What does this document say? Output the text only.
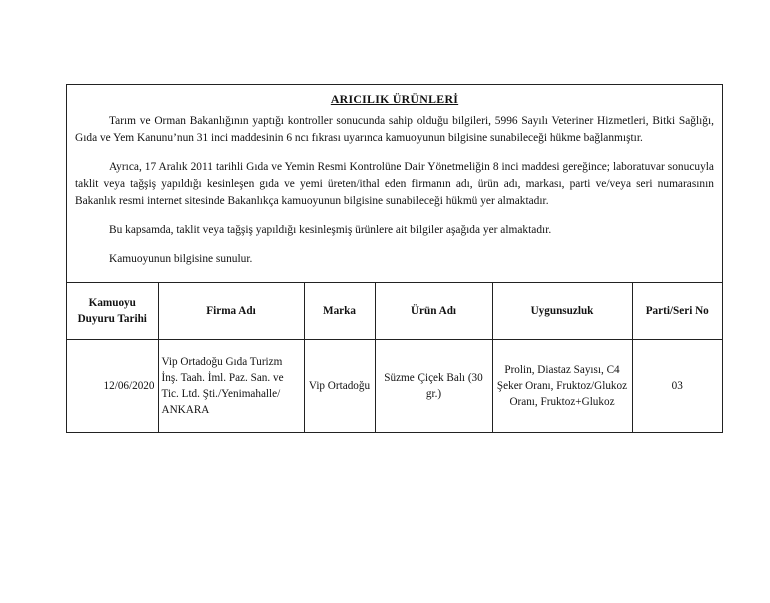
ARICILIK ÜRÜNLERİ

Tarım ve Orman Bakanlığının yaptığı kontroller sonucunda sahip olduğu bilgileri, 5996 Sayılı Veteriner Hizmetleri, Bitki Sağlığı, Gıda ve Yem Kanunu’nun 31 inci maddesinin 6 ncı fıkrası uyarınca kamuoyunun bilgisine sunabileceği hükme bağlanmıştır.

Ayrıca, 17 Aralık 2011 tarihli Gıda ve Yemin Resmi Kontrolüne Dair Yönetmeliğin 8 inci maddesi gereğince; laboratuvar sonucuyla taklit veya tağşiş yapıldığı kesinleşen gıda ve yemi üreten/ithal eden firmanın adı, ürün adı, markası, parti ve/veya seri numarasının Bakanlık resmi internet sitesinde Bakanlıkça kamuoyunun bilgisine sunabileceği hükmü yer almaktadır.

Bu kapsamda, taklit veya tağşiş yapıldığı kesinleşmiş ürünlere ait bilgiler aşağıda yer almaktadır.

Kamuoyunun bilgisine sunulur.

Kamuoyu Duyuru Tarihi	Firma Adı	Marka	Ürün Adı	Uygunsuzluk	Parti/Seri No
12/06/2020	Vip Ortadoğu Gıda Turizm İnş. Taah. İml. Paz. San. ve Tic. Ltd. Şti./Yenimahalle/ ANKARA	Vip Ortadoğu	Süzme Çiçek Balı (30 gr.)	Prolin, Diastaz Sayısı, C4 Şeker Oranı, Fruktoz/Glukoz Oranı, Fruktoz+Glukoz	03
